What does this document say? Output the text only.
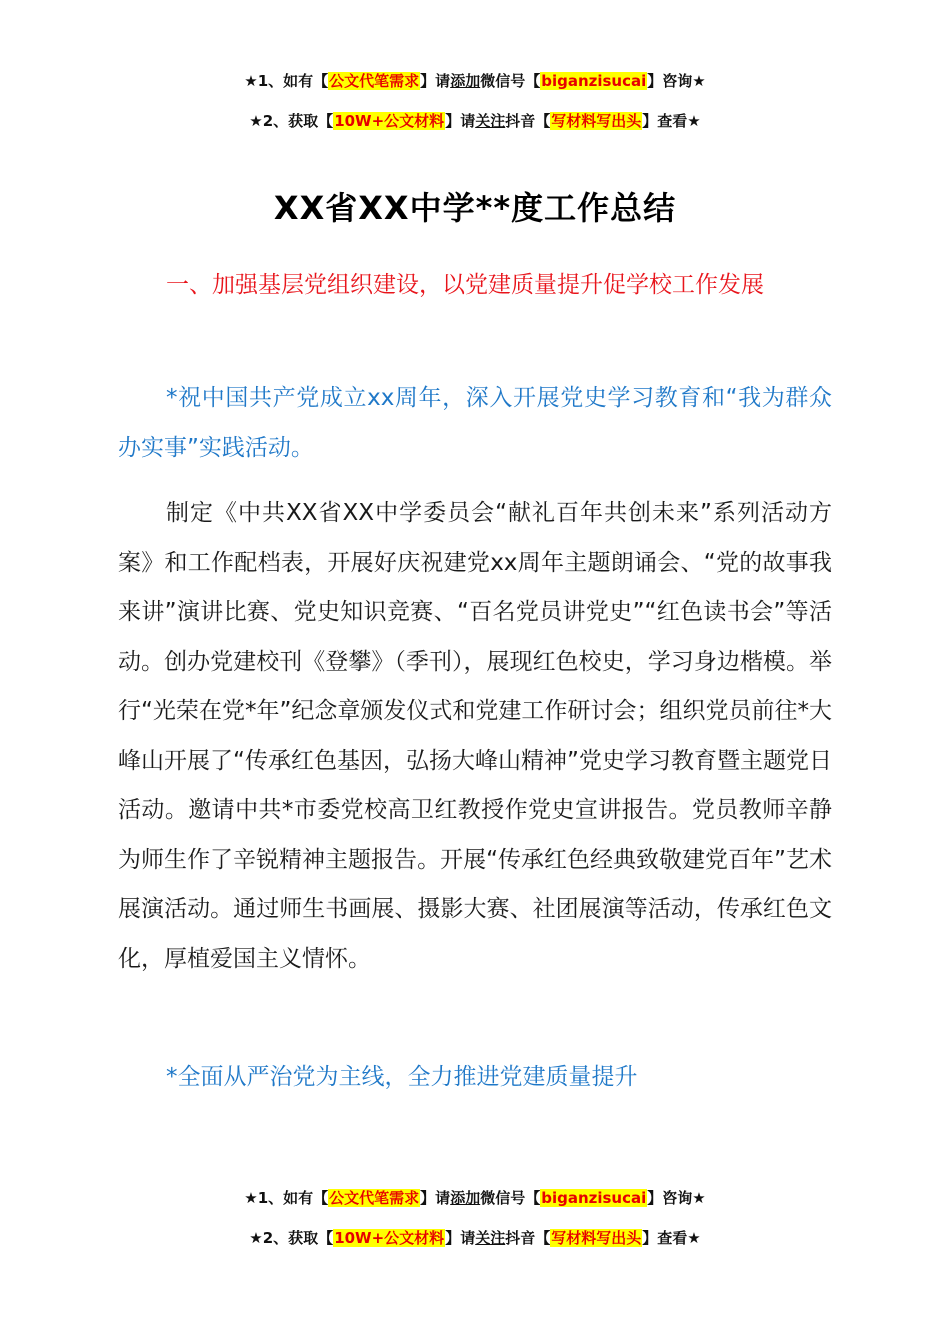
★1、如有【公文代笔需求】请添加微信号【biganzisucai】咨询★
★2、获取【10W+公文材料】请关注抖音【写材料写出头】查看★
XX省XX中学**度工作总结

一、加强基层党组织建设，以党建质量提升促学校工作发展

*祝中国共产党成立xx周年，深入开展党史学习教育和“我为群众办实事”实践活动。

制定《中共XX省XX中学委员会“献礼百年共创未来”系列活动方案》和工作配档表，开展好庆祝建党xx周年主题朗诵会、“党的故事我来讲”演讲比赛、党史知识竞赛、“百名党员讲党史”“红色读书会”等活动。创办党建校刊《登攀》（季刊），展现红色校史，学习身边楷模。举行“光荣在党*年”纪念章颁发仪式和党建工作研讨会；组织党员前往*大峰山开展了“传承红色基因，弘扬大峰山精神”党史学习教育暨主题党日活动。邀请中共*市委党校高卫红教授作党史宣讲报告。党员教师辛静为师生作了辛锐精神主题报告。开展“传承红色经典致敬建党百年”艺术展演活动。通过师生书画展、摄影大赛、社团展演等活动，传承红色文化，厚植爱国主义情怀。

*全面从严治党为主线，全力推进党建质量提升

★1、如有【公文代笔需求】请添加微信号【biganzisucai】咨询★
★2、获取【10W+公文材料】请关注抖音【写材料写出头】查看★
